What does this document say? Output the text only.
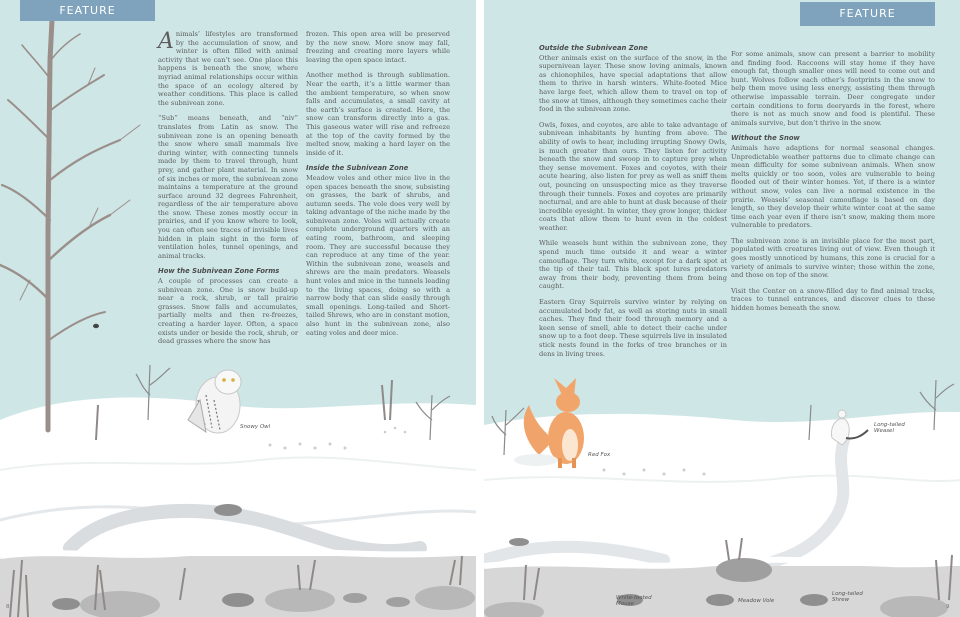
FEATURE

Animals’ lifestyles are transformed by the accumulation of snow, and winter is often filled with animal activity that we can’t see. One place this happens is beneath the snow, where myriad animal relationships occur within the space of an ecology altered by weather conditions. This place is called the subnivean zone.

“Sub” means beneath, and “niv” translates from Latin as snow. The subnivean zone is an opening beneath the snow where small mammals live during winter, with connecting tunnels made by them to travel through, hunt prey, and gather plant material. In snow of six inches or more, the subnivean zone maintains a temperature at the ground surface around 32 degrees Fahrenheit, regardless of the air temperature above the snow. These zones mostly occur in prairies, and if you know where to look, you can often see traces of invisible lives hidden in plain sight in the form of ventilation holes, tunnel openings, and animal tracks.

How the Subnivean Zone Forms

A couple of processes can create a subnivean zone. One is snow build-up near a rock, shrub, or tall prairie grasses. Snow falls and accumulates, partially melts and then re-freezes, creating a harder layer. Often, a space exists under or beside the rock, shrub, or dead grasses where the snow has

frozen. This open area will be preserved by the new snow. More snow may fall, freezing and creating more layers while leaving the open space intact.

Another method is through sublimation. Near the earth, it’s a little warmer than the ambient temperature, so when snow falls and accumulates, a small cavity at the earth’s surface is created. Here, the snow can transform directly into a gas. This gaseous water will rise and refreeze at the top of the cavity formed by the melted snow, making a hard layer on the inside of it.

Inside the Subnivean Zone

Meadow voles and other mice live in the open spaces beneath the snow, subsisting on grasses, the bark of shrubs, and autumn seeds. The vole does very well by taking advantage of the niche made by the subnivean zone. Voles will actually create complete underground quarters with an eating room, bathroom, and sleeping room. They are successful because they can reproduce at any time of the year. Within the subnivean zone, weasels and shrews are the main predators. Weasels hunt voles and mice in the tunnels leading to the living spaces, doing so with a narrow body that can slide easily through small openings. Long-tailed and Short-tailed Shrews, who are in constant motion, also hunt in the subnivean zone, also eating voles and deer mice.

Snowy Owl
8
FEATURE
Outside the Subnivean Zone

Other animals exist on the surface of the snow, in the supernivean layer. These snow loving animals, known as chionophiles, have special adaptations that allow them to thrive in harsh winters. White-footed Mice have large feet, which allow them to travel on top of the snow at times, although they sometimes cache their food in the subnivean zone.

Owls, foxes, and coyotes, are able to take advantage of subnivean inhabitants by hunting from above. The ability of owls to hear, including irrupting Snowy Owls, is much greater than ours. They listen for activity beneath the snow and swoop in to capture prey when they sense movement. Foxes and coyotes, with their acute hearing, also listen for prey as well as sniff them out, pouncing on unsuspecting mice as they traverse through their tunnels. Foxes and coyotes are primarily nocturnal, and are able to hunt at dusk because of their incredible eyesight. In winter, they grow longer, thicker coats that allow them to hunt even in the coldest weather.

While weasels hunt within the subnivean zone, they spend much time outside it and wear a winter camouflage. They turn white, except for a dark spot at the tip of their tail. This black spot lures predators away from their body, preventing them from being caught.

Eastern Gray Squirrels survive winter by relying on accumulated body fat, as well as storing nuts in small caches. They find their food through memory and a keen sense of smell, able to detect their cache under snow up to a foot deep. These squirrels live in insulated stick nests found in the forks of tree branches or in dens in living trees.

For some animals, snow can present a barrier to mobility and finding food. Raccoons will stay home if they have enough fat, though smaller ones will need to come out and hunt. Wolves follow each other’s footprints in the snow to help them move using less energy, assisting them through otherwise impassable terrain. Deer congregate under certain conditions to form deeryards in the forest, where there is not as much snow and food is plentiful. These animals survive, but don’t thrive in the snow.

Without the Snow

Animals have adaptions for normal seasonal changes. Unpredictable weather patterns due to climate change can mean difficulty for some subnivean animals. When snow melts quickly or too soon, voles are vulnerable to being flooded out of their winter homes. Yet, if there is a winter without snow, voles can live a normal existence in the prairie. Weasels’ seasonal camouflage is based on day length, so they develop their white winter coat at the same time each year even if there isn’t snow, making them more vulnerable to predators.

The subnivean zone is an invisible place for the most part, populated with creatures living out of view. Even though it goes mostly unnoticed by humans, this zone is crucial for a variety of animals to survive winter; those within the zone, and those on top of the snow.

Visit the Center on a snow-filled day to find animal tracks, traces to tunnel entrances, and discover clues to these hidden homes beneath the snow.

Red Fox
Long-tailed Weasel
White-footed Mouse	Meadow Vole
Long-tailed Shrew
9
